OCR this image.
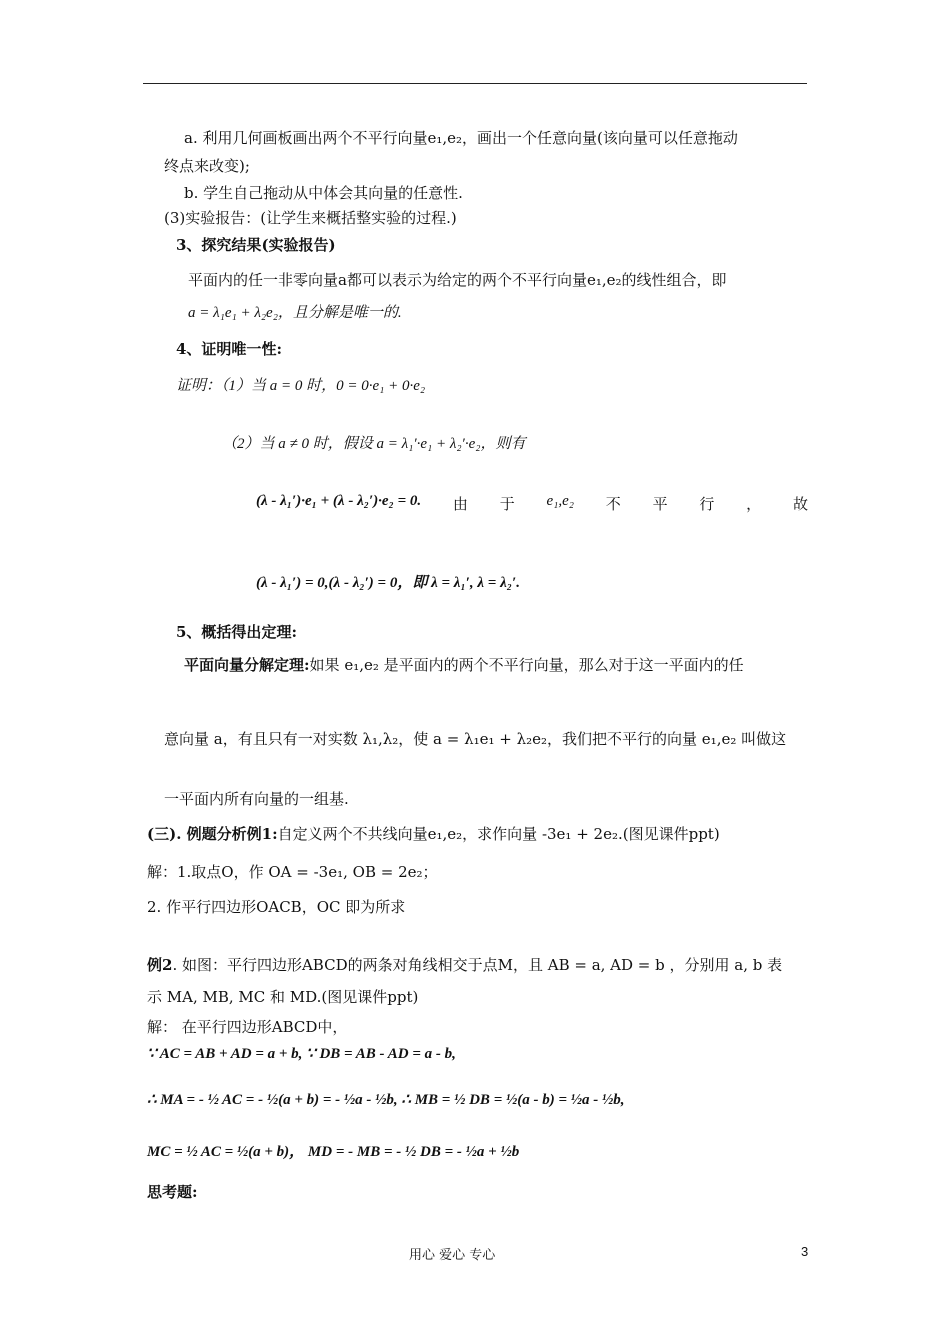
a. 利用几何画板画出两个不平行向量e₁,e₂，画出一个任意向量(该向量可以任意拖动
终点来改变);
b. 学生自己拖动从中体会其向量的任意性.
(3)实验报告：(让学生来概括整实验的过程.)
3、探究结果(实验报告)
平面内的任一非零向量a都可以表示为给定的两个不平行向量e₁,e₂的线性组合，即
a = λ₁e₁ + λ₂e₂，且分解是唯一的.
4、证明唯一性:
证明：（1）当 a = 0 时，0 = 0·e₁ + 0·e₂
（2）当 a ≠ 0 时，假设 a = λ₁′·e₁ + λ₂′·e₂，则有
(λ - λ₁′)·e₁ + (λ - λ₂′)·e₂ = 0. 由 于 e₁,e₂ 不 平 行 ， 故
(λ - λ₁′) = 0,(λ - λ₂′) = 0，即 λ = λ₁′, λ = λ₂′.
5、概括得出定理:
平面向量分解定理:如果 e₁,e₂ 是平面内的两个不平行向量，那么对于这一平面内的任
意向量 a，有且只有一对实数 λ₁,λ₂，使 a = λ₁e₁ + λ₂e₂，我们把不平行的向量 e₁,e₂ 叫做这
一平面内所有向量的一组基.
(三). 例题分析例1:自定义两个不共线向量e₁,e₂，求作向量 -3e₁ + 2e₂.(图见课件ppt)
解：1.取点O，作 OA = -3e₁, OB = 2e₂；
2. 作平行四边形OACB，OC 即为所求
例2. 如图：平行四边形ABCD的两条对角线相交于点M，且 AB = a, AD = b ，分别用 a, b 表
示 MA, MB, MC 和 MD.(图见课件ppt)
解： 在平行四边形ABCD中，
∵ AC = AB + AD = a + b, ∵ DB = AB - AD = a - b,
∴ MA = - ½ AC = - ½(a + b) = - ½a - ½b, ∴ MB = ½ DB = ½(a - b) = ½a - ½b,
MC = ½ AC = ½(a + b)， MD = - MB = - ½ DB = - ½a + ½b
思考题:
用心 爱心 专心	3
